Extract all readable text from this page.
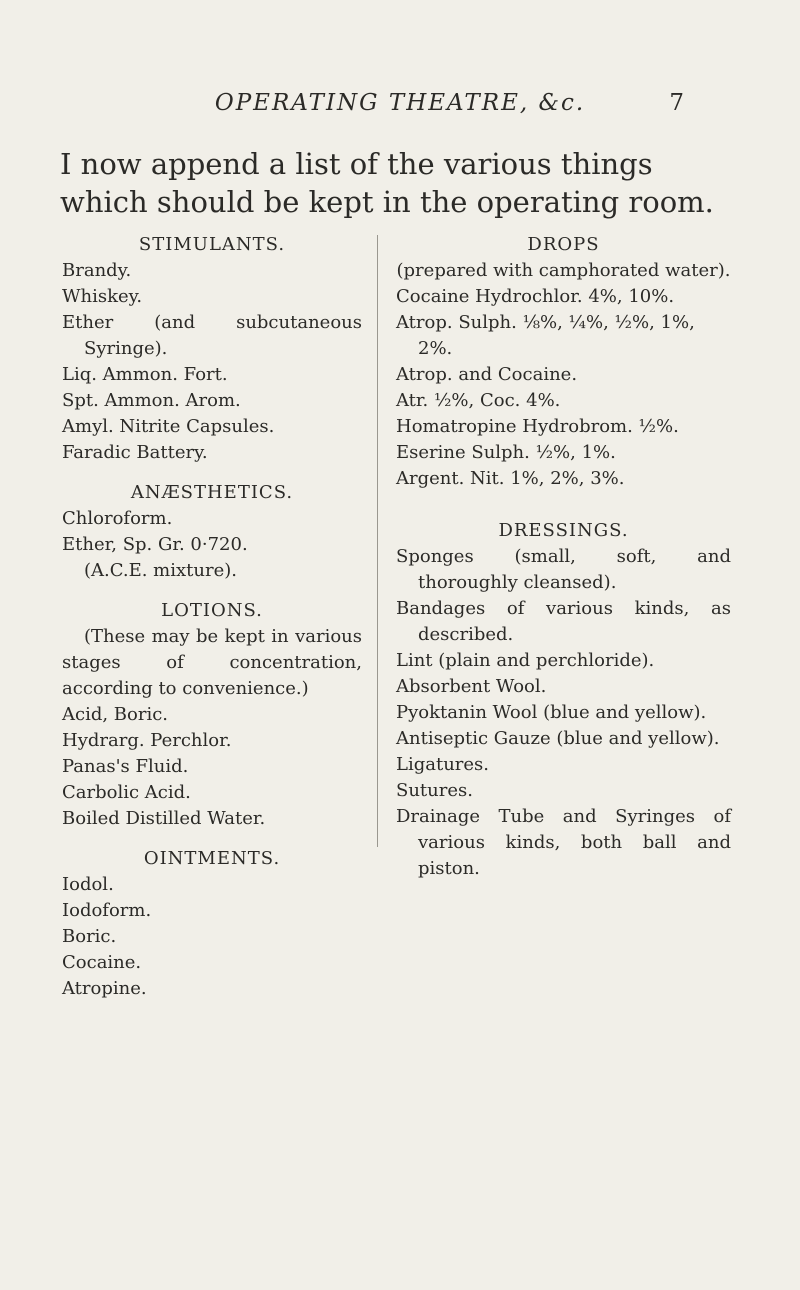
OPERATING THEATRE, &c.	7
I now append a list of the various things
which should be kept in the operating room.
STIMULANTS.
Brandy.
Whiskey.
Ether (and subcutaneous Syringe).
Liq. Ammon. Fort.
Spt. Ammon. Arom.
Amyl. Nitrite Capsules.
Faradic Battery.
ANÆSTHETICS.
Chloroform.
Ether, Sp. Gr. 0·720.
(A.C.E. mixture).
LOTIONS.
(These may be kept in various stages of concentration, according to convenience.)
Acid, Boric.
Hydrarg. Perchlor.
Panas's Fluid.
Carbolic Acid.
Boiled Distilled Water.
OINTMENTS.
Iodol.
Iodoform.
Boric.
Cocaine.
Atropine.
DROPS
(prepared with camphorated water).
Cocaine Hydrochlor. 4%, 10%.
Atrop. Sulph. ⅛%, ¼%, ½%, 1%, 2%.
Atrop. and Cocaine.
Atr. ½%, Coc. 4%.
Homatropine Hydrobrom. ½%.
Eserine Sulph. ½%, 1%.
Argent. Nit. 1%, 2%, 3%.
DRESSINGS.
Sponges (small, soft, and thoroughly cleansed).
Bandages of various kinds, as described.
Lint (plain and perchloride).
Absorbent Wool.
Pyoktanin Wool (blue and yellow).
Antiseptic Gauze (blue and yellow).
Ligatures.
Sutures.
Drainage Tube and Syringes of various kinds, both ball and piston.
